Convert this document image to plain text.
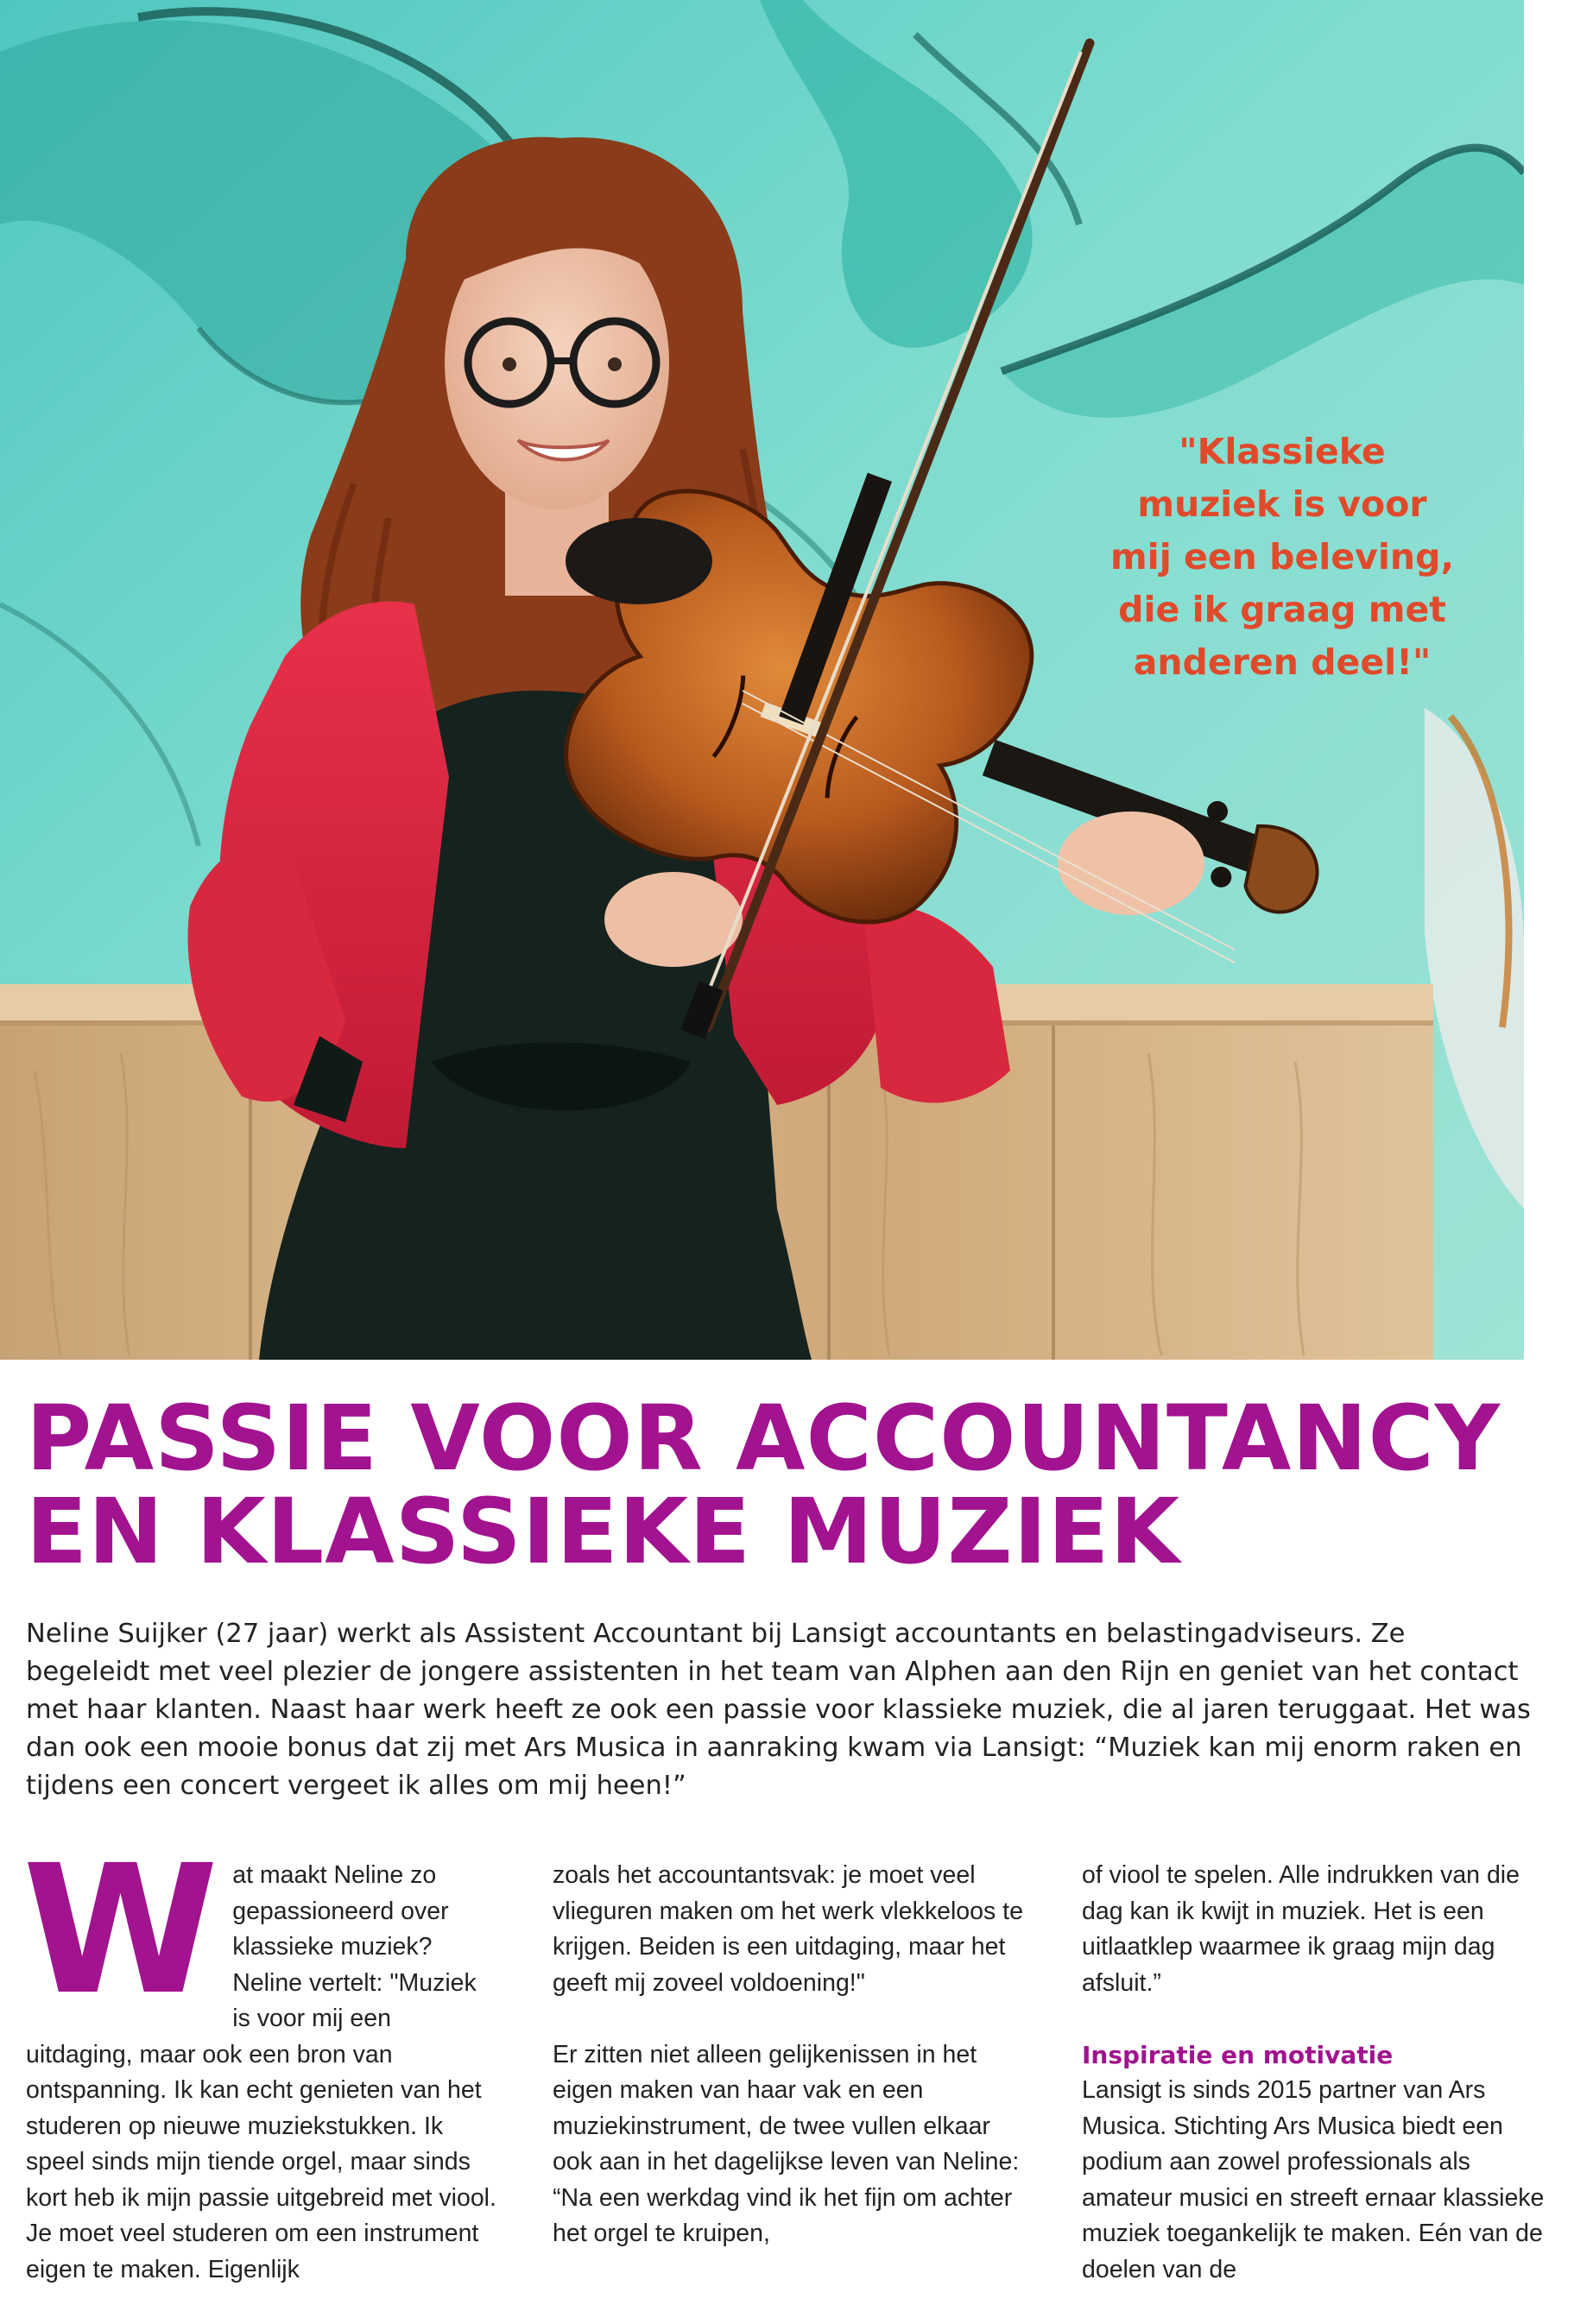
"Klassieke
muziek is voor
mij een beleving,
die ik graag met
anderen deel!"

PASSIE VOOR ACCOUNTANCY
EN KLASSIEKE MUZIEK

Neline Suijker (27 jaar) werkt als Assistent Accountant bij Lansigt accountants en belastingadviseurs. Ze begeleidt met veel plezier de jongere assistenten in het team van Alphen aan den Rijn en geniet van het contact met haar klanten. Naast haar werk heeft ze ook een passie voor klassieke muziek, die al jaren teruggaat. Het was dan ook een mooie bonus dat zij met Ars Musica in aanraking kwam via Lansigt: “Muziek kan mij enorm raken en tijdens een concert vergeet ik alles om mij heen!”

Wat maakt Neline zo gepassioneerd over klassieke muziek? Neline vertelt: "Muziek is voor mij een uitdaging, maar ook een bron van ontspanning. Ik kan echt genieten van het studeren op nieuwe muziekstukken. Ik speel sinds mijn tiende orgel, maar sinds kort heb ik mijn passie uitgebreid met viool. Je moet veel studeren om een instrument eigen te maken. Eigenlijk

zoals het accountantsvak: je moet veel vlieguren maken om het werk vlekkeloos te krijgen. Beiden is een uitdaging, maar het geeft mij zoveel voldoening!"

Er zitten niet alleen gelijkenissen in het eigen maken van haar vak en een muziekinstrument, de twee vullen elkaar ook aan in het dagelijkse leven van Neline: “Na een werkdag vind ik het fijn om achter het orgel te kruipen,

of viool te spelen. Alle indrukken van die dag kan ik kwijt in muziek. Het is een uitlaatklep waarmee ik graag mijn dag afsluit.”

Inspiratie en motivatie

Lansigt is sinds 2015 partner van Ars Musica. Stichting Ars Musica biedt een podium aan zowel professionals als amateur musici en streeft ernaar klassieke muziek toegankelijk te maken. Eén van de doelen van de
